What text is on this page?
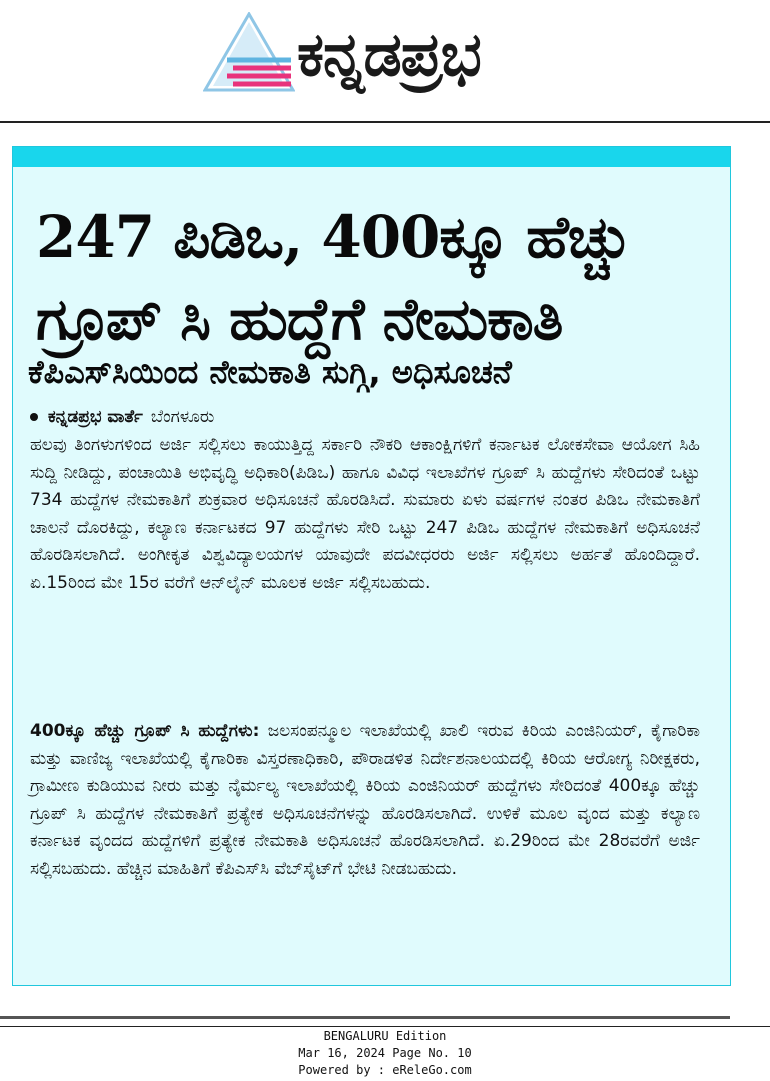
ಕನ್ನಡಪ್ರಭ
247 ಪಿಡಿಒ, 400ಕ್ಕೂ ಹೆಚ್ಚು
ಗ್ರೂಪ್ ಸಿ ಹುದ್ದೆಗೆ ನೇಮಕಾತಿ
ಕೆಪಿಎಸ್‌ಸಿಯಿಂದ ನೇಮಕಾತಿ ಸುಗ್ಗಿ, ಅಧಿಸೂಚನೆ
ಕನ್ನಡಪ್ರಭ ವಾರ್ತೆ ಬೆಂಗಳೂರು
ಹಲವು ತಿಂಗಳುಗಳಿಂದ ಅರ್ಜಿ ಸಲ್ಲಿಸಲು ಕಾಯುತ್ತಿದ್ದ ಸರ್ಕಾರಿ ನೌಕರಿ ಆಕಾಂಕ್ಷಿಗಳಿಗೆ ಕರ್ನಾಟಕ ಲೋಕಸೇವಾ ಆಯೋಗ ಸಿಹಿ ಸುದ್ದಿ ನೀಡಿದ್ದು, ಪಂಚಾಯಿತಿ ಅಭಿವೃದ್ಧಿ ಅಧಿಕಾರಿ(ಪಿಡಿಒ) ಹಾಗೂ ವಿವಿಧ ಇಲಾಖೆಗಳ ಗ್ರೂಪ್ ಸಿ ಹುದ್ದೆಗಳು ಸೇರಿದಂತೆ ಒಟ್ಟು 734 ಹುದ್ದೆಗಳ ನೇಮಕಾತಿಗೆ ಶುಕ್ರವಾರ ಅಧಿಸೂಚನೆ ಹೊರಡಿಸಿದೆ. ಸುಮಾರು ಏಳು ವರ್ಷಗಳ ನಂತರ ಪಿಡಿಒ ನೇಮಕಾತಿಗೆ ಚಾಲನೆ ದೊರಕಿದ್ದು, ಕಲ್ಯಾಣ ಕರ್ನಾಟಕದ 97 ಹುದ್ದೆಗಳು ಸೇರಿ ಒಟ್ಟು 247 ಪಿಡಿಒ ಹುದ್ದೆಗಳ ನೇಮಕಾತಿಗೆ ಅಧಿಸೂಚನೆ ಹೊರಡಿಸಲಾಗಿದೆ. ಅಂಗೀಕೃತ ವಿಶ್ವವಿದ್ಯಾಲಯಗಳ ಯಾವುದೇ ಪದವೀಧರರು ಅರ್ಜಿ ಸಲ್ಲಿಸಲು ಅರ್ಹತೆ ಹೊಂದಿದ್ದಾರೆ. ಏ.15ರಿಂದ ಮೇ 15ರ ವರೆಗೆ ಆನ್‌ಲೈನ್ ಮೂಲಕ ಅರ್ಜಿ ಸಲ್ಲಿಸಬಹುದು.
400ಕ್ಕೂ ಹೆಚ್ಚು ಗ್ರೂಪ್ ಸಿ ಹುದ್ದೆಗಳು: ಜಲಸಂಪನ್ಮೂಲ ಇಲಾಖೆಯಲ್ಲಿ ಖಾಲಿ ಇರುವ ಕಿರಿಯ ಎಂಜಿನಿಯರ್, ಕೈಗಾರಿಕಾ ಮತ್ತು ವಾಣಿಜ್ಯ ಇಲಾಖೆಯಲ್ಲಿ ಕೈಗಾರಿಕಾ ವಿಸ್ತರಣಾಧಿಕಾರಿ, ಪೌರಾಡಳಿತ ನಿರ್ದೇಶನಾಲಯದಲ್ಲಿ ಕಿರಿಯ ಆರೋಗ್ಯ ನಿರೀಕ್ಷಕರು, ಗ್ರಾಮೀಣ ಕುಡಿಯುವ ನೀರು ಮತ್ತು ನೈರ್ಮಲ್ಯ ಇಲಾಖೆಯಲ್ಲಿ ಕಿರಿಯ ಎಂಜಿನಿಯರ್ ಹುದ್ದೆಗಳು ಸೇರಿದಂತೆ 400ಕ್ಕೂ ಹೆಚ್ಚು ಗ್ರೂಪ್ ಸಿ ಹುದ್ದೆಗಳ ನೇಮಕಾತಿಗೆ ಪ್ರತ್ಯೇಕ ಅಧಿಸೂಚನೆಗಳನ್ನು ಹೊರಡಿಸಲಾಗಿದೆ. ಉಳಿಕೆ ಮೂಲ ವೃಂದ ಮತ್ತು ಕಲ್ಯಾಣ ಕರ್ನಾಟಕ ವೃಂದದ ಹುದ್ದೆಗಳಿಗೆ ಪ್ರತ್ಯೇಕ ನೇಮಕಾತಿ ಅಧಿಸೂಚನೆ ಹೊರಡಿಸಲಾಗಿದೆ. ಏ.29ರಿಂದ ಮೇ 28ರವರೆಗೆ ಅರ್ಜಿ ಸಲ್ಲಿಸಬಹುದು. ಹೆಚ್ಚಿನ ಮಾಹಿತಿಗೆ ಕೆಪಿಎಸ್‌ಸಿ ವೆಬ್‌ಸೈಟ್‌ಗೆ ಭೇಟಿ ನೀಡಬಹುದು.
BENGALURU Edition
Mar 16, 2024 Page No. 10
Powered by : eReleGo.com
